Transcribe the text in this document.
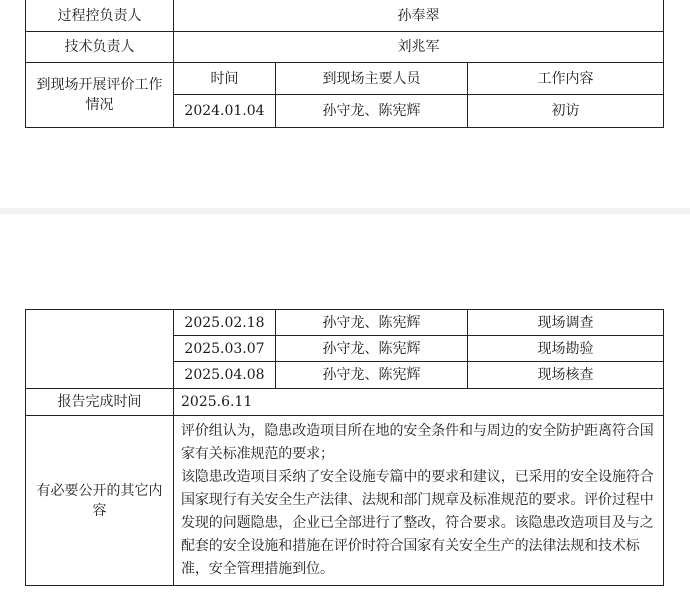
过程控负责人	孙奉翠		
技术负责人	刘兆军		
到现场开展评价工作情况	时间	到现场主要人员	工作内容
	2024.01.04	孙守龙、陈宪辉	初访
	2025.02.18	孙守龙、陈宪辉	现场调查
	2025.03.07	孙守龙、陈宪辉	现场勘验
	2025.04.08	孙守龙、陈宪辉	现场核查
报告完成时间	2025.6.11		
有必要公开的其它内容	评价组认为，隐患改造项目所在地的安全条件和与周边的安全防护距离符合国家有关标准规范的要求；
该隐患改造项目采纳了安全设施专篇中的要求和建议，已采用的安全设施符合国家现行有关安全生产法律、法规和部门规章及标准规范的要求。评价过程中发现的问题隐患，企业已全部进行了整改，符合要求。该隐患改造项目及与之配套的安全设施和措施在评价时符合国家有关安全生产的法律法规和技术标准，安全管理措施到位。		
